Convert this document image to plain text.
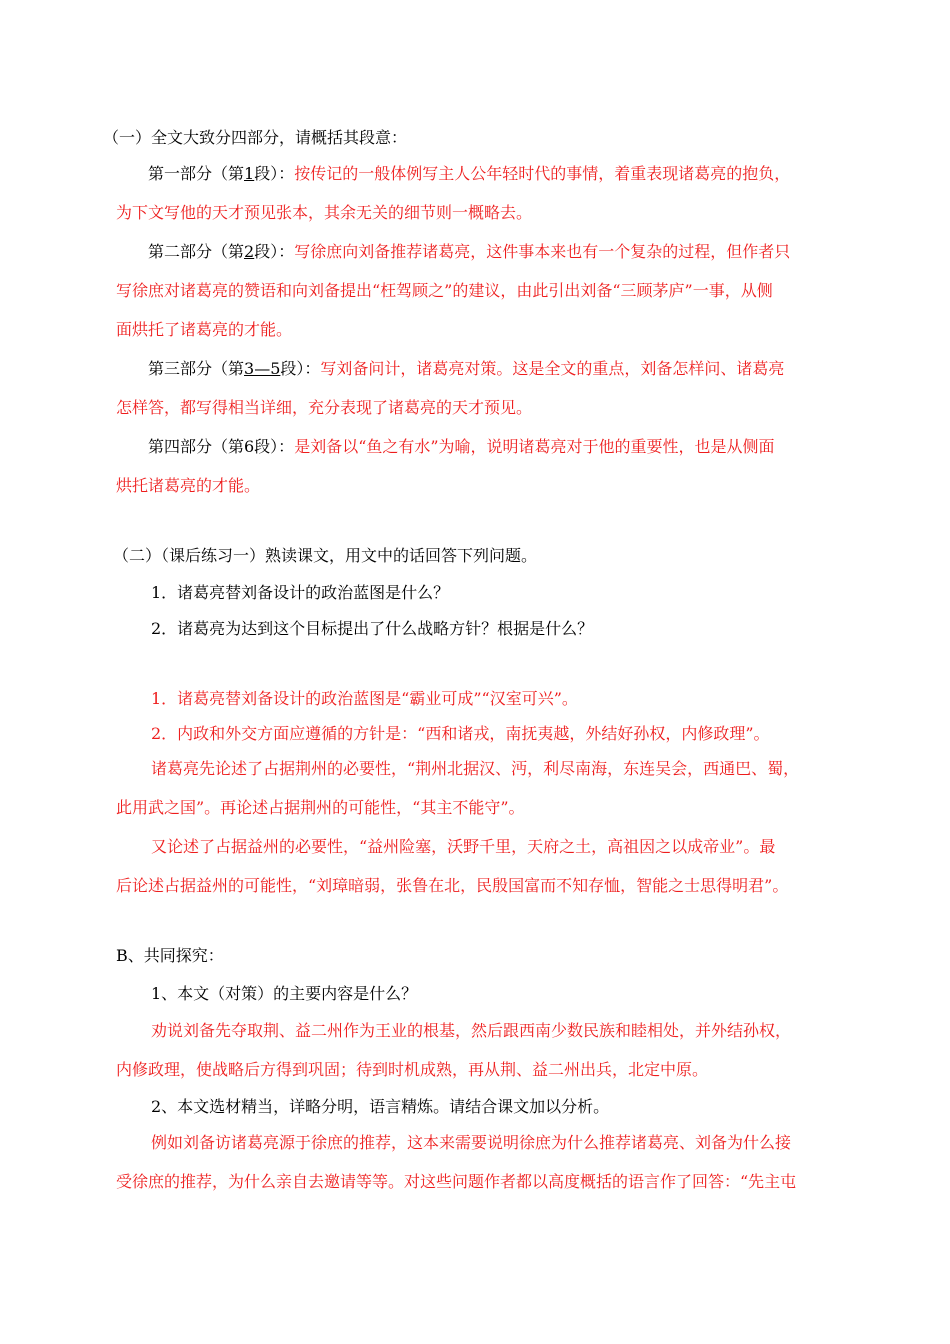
（一）全文大致分四部分，请概括其段意：
第一部分（第1段）：按传记的一般体例写主人公年轻时代的事情，着重表现诸葛亮的抱负，
为下文写他的天才预见张本，其余无关的细节则一概略去。
第二部分（第2段）：写徐庶向刘备推荐诸葛亮，这件事本来也有一个复杂的过程，但作者只
写徐庶对诸葛亮的赞语和向刘备提出“枉驾顾之”的建议，由此引出刘备“三顾茅庐”一事，从侧
面烘托了诸葛亮的才能。
第三部分（第3—5段）：写刘备问计，诸葛亮对策。这是全文的重点，刘备怎样问、诸葛亮
怎样答，都写得相当详细，充分表现了诸葛亮的天才预见。
第四部分（第6段）：是刘备以“鱼之有水”为喻，说明诸葛亮对于他的重要性，也是从侧面
烘托诸葛亮的才能。
（二）（课后练习一）熟读课文，用文中的话回答下列问题。
1．诸葛亮替刘备设计的政治蓝图是什么？
2．诸葛亮为达到这个目标提出了什么战略方针？根据是什么？
1．诸葛亮替刘备设计的政治蓝图是“霸业可成”“汉室可兴”。
2．内政和外交方面应遵循的方针是：“西和诸戎，南抚夷越，外结好孙权，内修政理”。
诸葛亮先论述了占据荆州的必要性，“荆州北据汉、沔，利尽南海，东连吴会，西通巴、蜀，
此用武之国”。再论述占据荆州的可能性，“其主不能守”。
又论述了占据益州的必要性，“益州险塞，沃野千里，天府之土，高祖因之以成帝业”。最
后论述占据益州的可能性，“刘璋暗弱，张鲁在北，民殷国富而不知存恤，智能之士思得明君”。
B、共同探究：
1、本文（对策）的主要内容是什么？
劝说刘备先夺取荆、益二州作为王业的根基，然后跟西南少数民族和睦相处，并外结孙权，
内修政理，使战略后方得到巩固；待到时机成熟，再从荆、益二州出兵，北定中原。
2、本文选材精当，详略分明，语言精炼。请结合课文加以分析。
例如刘备访诸葛亮源于徐庶的推荐，这本来需要说明徐庶为什么推荐诸葛亮、刘备为什么接
受徐庶的推荐，为什么亲自去邀请等等。对这些问题作者都以高度概括的语言作了回答：“先主屯
